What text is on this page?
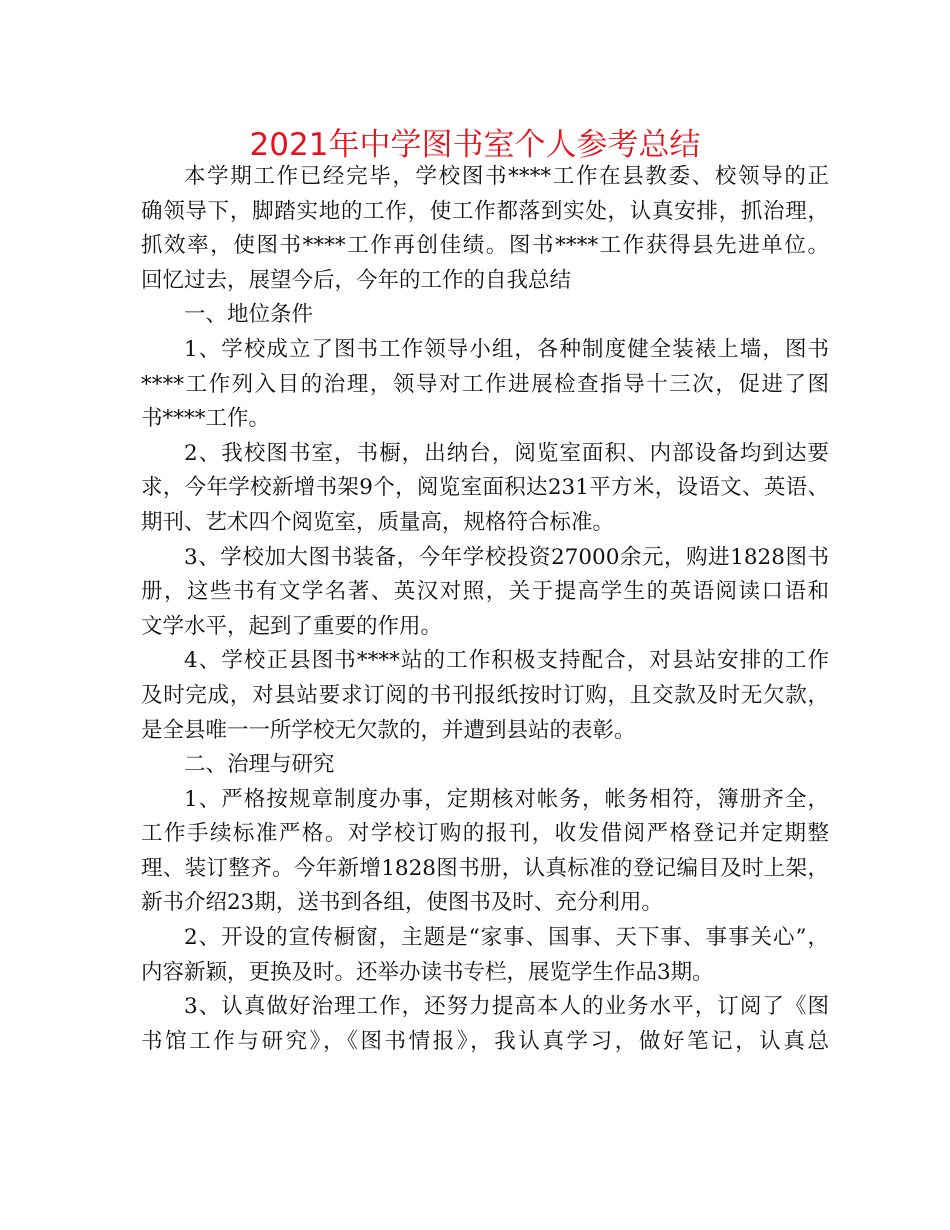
2021年中学图书室个人参考总结
本学期工作已经完毕，学校图书****工作在县教委、校领导的正
确领导下，脚踏实地的工作，使工作都落到实处，认真安排，抓治理，
抓效率，使图书****工作再创佳绩。图书****工作获得县先进单位。
回忆过去，展望今后，今年的工作的自我总结
一、地位条件
1、学校成立了图书工作领导小组，各种制度健全装裱上墙，图书
****工作列入目的治理，领导对工作进展检查指导十三次，促进了图
书****工作。
2、我校图书室，书橱，出纳台，阅览室面积、内部设备均到达要
求，今年学校新增书架9个，阅览室面积达231平方米，设语文、英语、
期刊、艺术四个阅览室，质量高，规格符合标准。
3、学校加大图书装备，今年学校投资27000余元，购进1828图书
册，这些书有文学名著、英汉对照，关于提高学生的英语阅读口语和
文学水平，起到了重要的作用。
4、学校正县图书****站的工作积极支持配合，对县站安排的工作
及时完成，对县站要求订阅的书刊报纸按时订购，且交款及时无欠款，
是全县唯一一所学校无欠款的，并遭到县站的表彰。
二、治理与研究
1、严格按规章制度办事，定期核对帐务，帐务相符，簿册齐全，
工作手续标准严格。对学校订购的报刊，收发借阅严格登记并定期整
理、装订整齐。今年新增1828图书册，认真标准的登记编目及时上架，
新书介绍23期，送书到各组，使图书及时、充分利用。
2、开设的宣传橱窗，主题是“家事、国事、天下事、事事关心”，
内容新颖，更换及时。还举办读书专栏，展览学生作品3期。
3、认真做好治理工作，还努力提高本人的业务水平，订阅了《图
书馆工作与研究》，《图书情报》，我认真学习，做好笔记，认真总
